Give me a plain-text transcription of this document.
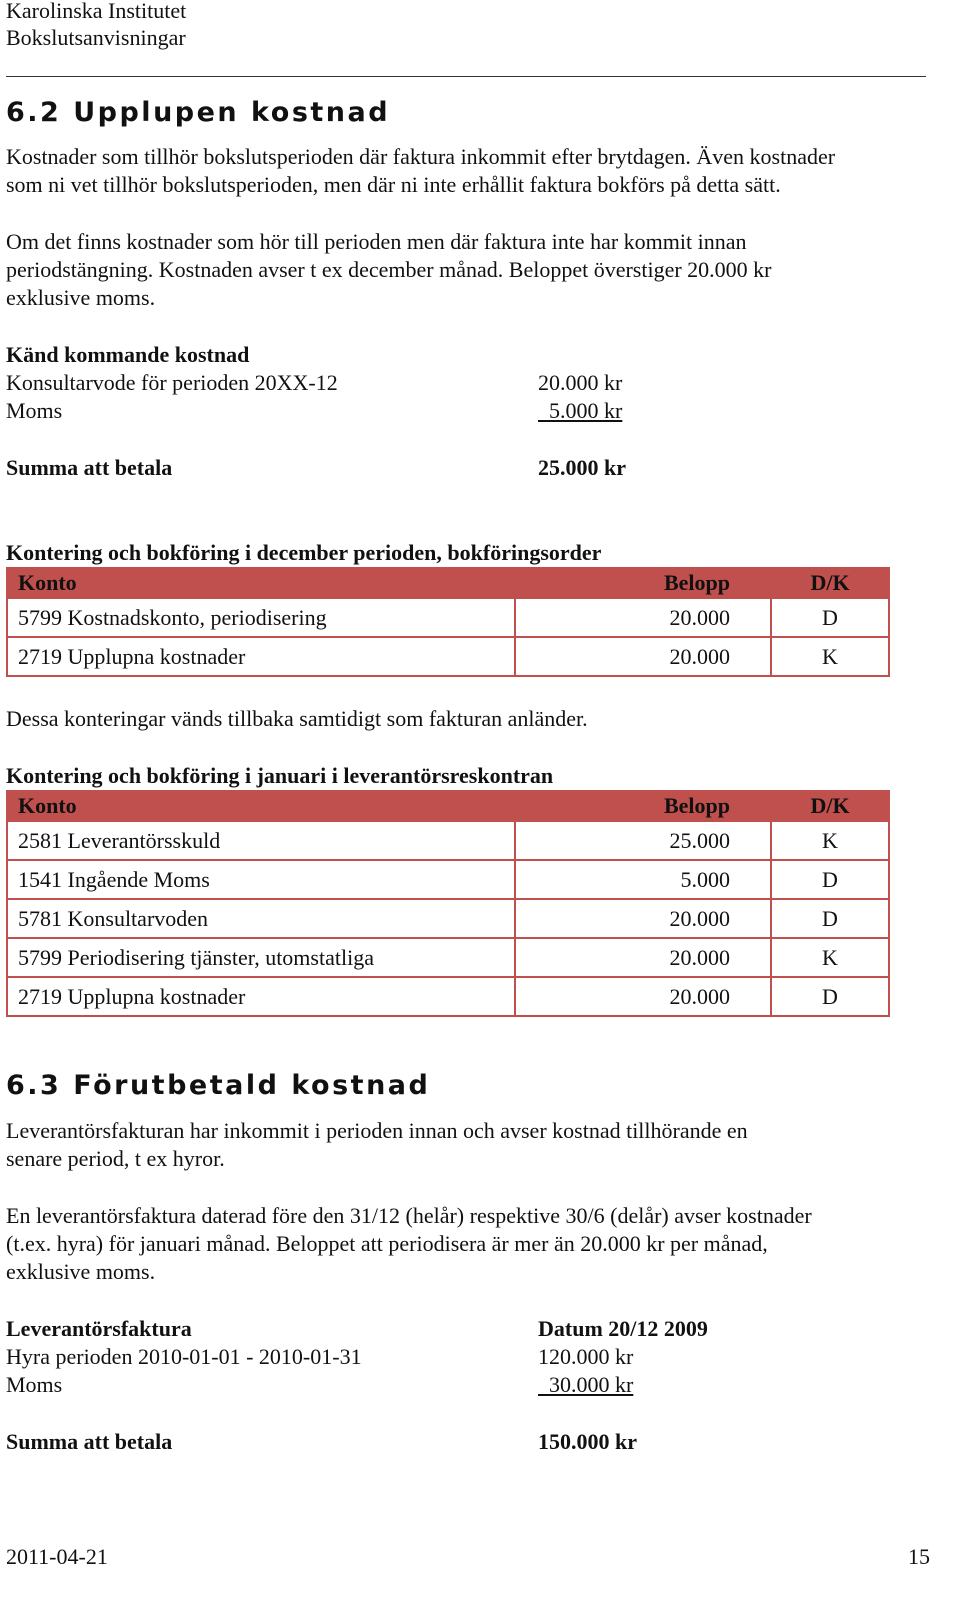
Karolinska Institutet
Bokslutsanvisningar
6.2 Upplupen kostnad
Kostnader som tillhör bokslutsperioden där faktura inkommit efter brytdagen. Även kostnader
som ni vet tillhör bokslutsperioden, men där ni inte erhållit faktura bokförs på detta sätt.
Om det finns kostnader som hör till perioden men där faktura inte har kommit innan
periodstängning. Kostnaden avser t ex december månad. Beloppet överstiger 20.000 kr
exklusive moms.
Känd kommande kostnad
Konsultarvode för perioden 20XX-12	20.000 kr
Moms	5.000 kr
Summa att betala	25.000 kr
Kontering och bokföring i december perioden, bokföringsorder
Konto	Belopp	D/K
5799 Kostnadskonto, periodisering	20.000	D
2719 Upplupna kostnader	20.000	K
Dessa konteringar vänds tillbaka samtidigt som fakturan anländer.
Kontering och bokföring i januari i leverantörsreskontran
Konto	Belopp	D/K
2581 Leverantörsskuld	25.000	K
1541 Ingående Moms	5.000	D
5781 Konsultarvoden	20.000	D
5799 Periodisering tjänster, utomstatliga	20.000	K
2719 Upplupna kostnader	20.000	D
6.3 Förutbetald kostnad
Leverantörsfakturan har inkommit i perioden innan och avser kostnad tillhörande en
senare period, t ex hyror.
En leverantörsfaktura daterad före den 31/12 (helår) respektive 30/6 (delår) avser kostnader
(t.ex. hyra) för januari månad. Beloppet att periodisera är mer än 20.000 kr per månad,
exklusive moms.
Leverantörsfaktura	Datum 20/12 2009
Hyra perioden 2010-01-01 - 2010-01-31	120.000 kr
Moms	30.000 kr
Summa att betala	150.000 kr
2011-04-21	15
